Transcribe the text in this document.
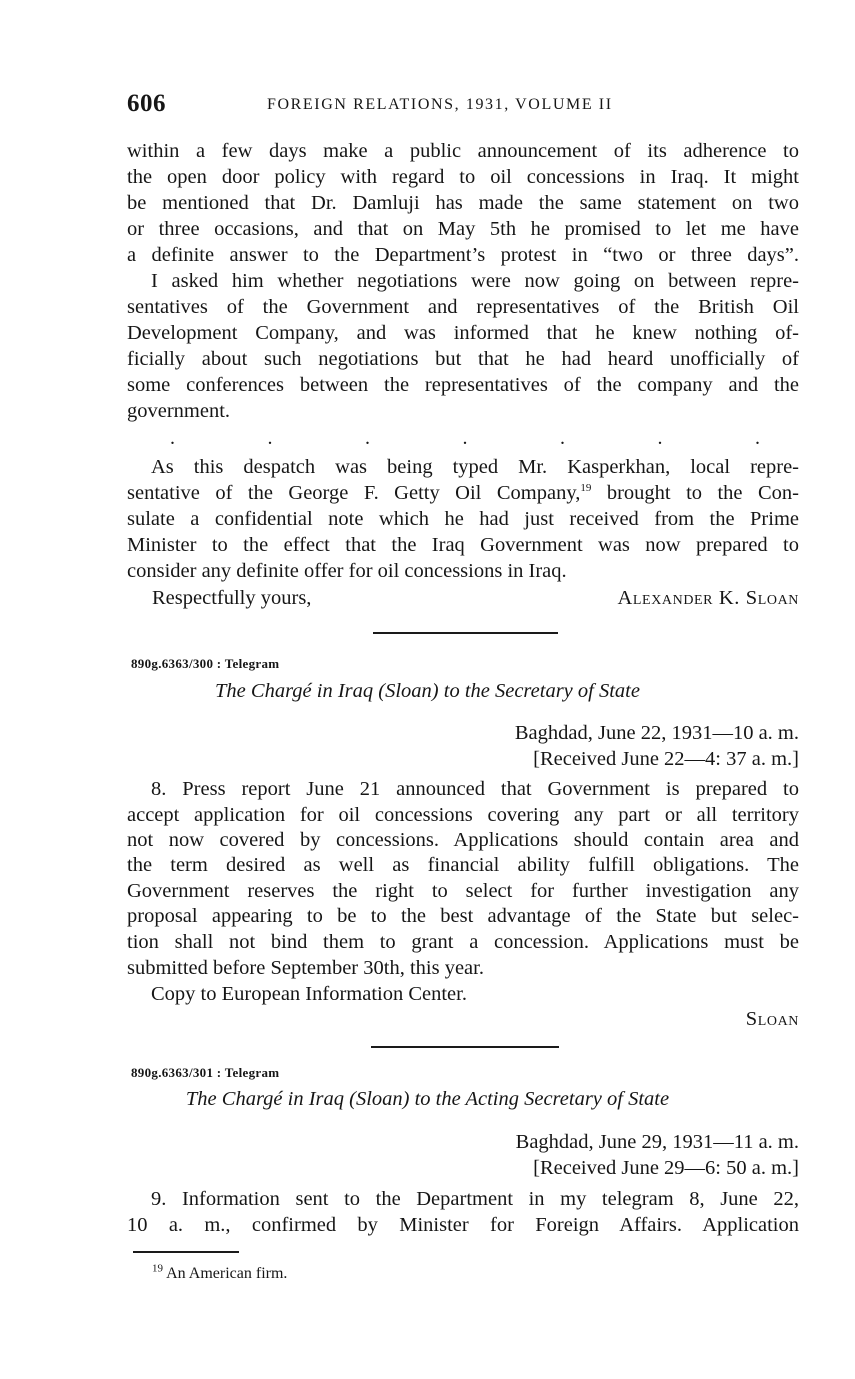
606	FOREIGN RELATIONS, 1931, VOLUME II
within a few days make a public announcement of its adherence to
the open door policy with regard to oil concessions in Iraq. It might
be mentioned that Dr. Damluji has made the same statement on two
or three occasions, and that on May 5th he promised to let me have
a definite answer to the Department’s protest in “two or three days”.
I asked him whether negotiations were now going on between repre-
sentatives of the Government and representatives of the British Oil
Development Company, and was informed that he knew nothing of-
ficially about such negotiations but that he had heard unofficially of
some conferences between the representatives of the company and the
government.
.	.	.	.	.	.	.
As this despatch was being typed Mr. Kasperkhan, local repre-
sentative of the George F. Getty Oil Company,$^{19}$ brought to the Con-
sulate a confidential note which he had just received from the Prime
Minister to the effect that the Iraq Government was now prepared to
consider any definite offer for oil concessions in Iraq.
Respectfully yours,	Alexander K. Sloan
890g.6363/300 : Telegram
The Chargé in Iraq (Sloan) to the Secretary of State
Baghdad, June 22, 1931—10 a. m.
[Received June 22—4: 37 a. m.]
8. Press report June 21 announced that Government is prepared to
accept application for oil concessions covering any part or all territory
not now covered by concessions. Applications should contain area and
the term desired as well as financial ability fulfill obligations. The
Government reserves the right to select for further investigation any
proposal appearing to be to the best advantage of the State but selec-
tion shall not bind them to grant a concession. Applications must be
submitted before September 30th, this year.
Copy to European Information Center.
Sloan
890g.6363/301 : Telegram
The Chargé in Iraq (Sloan) to the Acting Secretary of State
Baghdad, June 29, 1931—11 a. m.
[Received June 29—6: 50 a. m.]
9. Information sent to the Department in my telegram 8, June 22,
10 a. m., confirmed by Minister for Foreign Affairs. Application
$^{19}$ An American firm.
